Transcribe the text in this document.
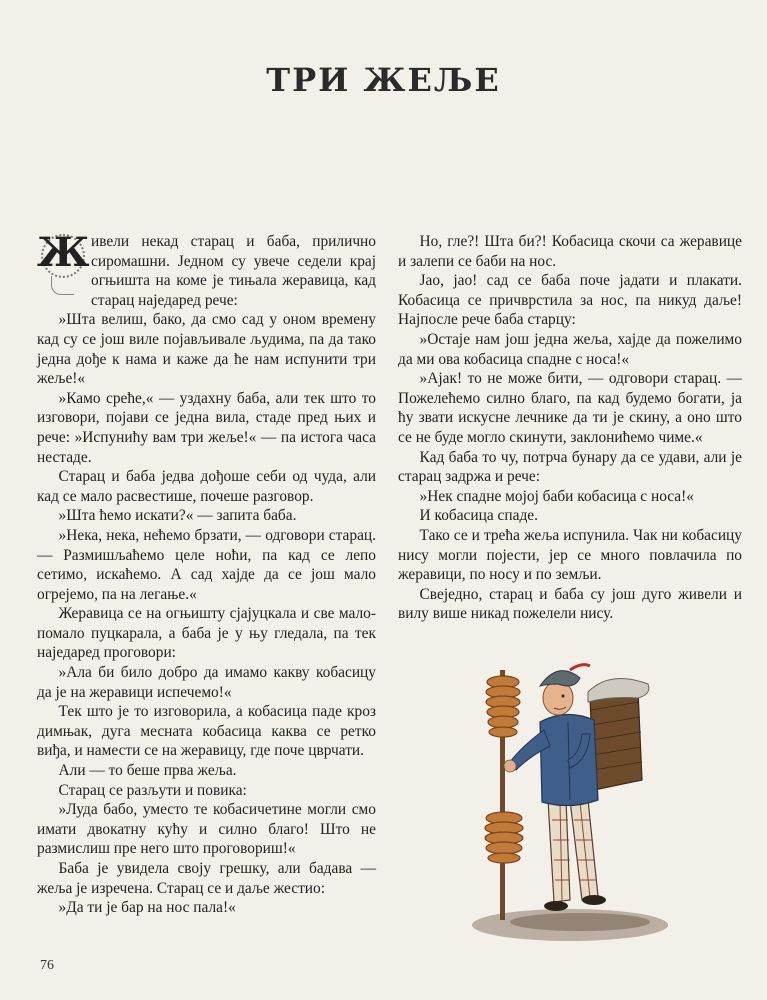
ТРИ ЖЕЉЕ

Ж ивели некад старац и баба, прилично сиромашни. Једном су увече седели крај огњишта на коме је тињала жеравица, кад старац наједаред рече:

»Шта велиш, бако, да смо сад у оном времену кад су се још виле појављивале људима, па да тако једна дође к нама и каже да ће нам испунити три жеље!«

»Камо среће,« — уздахну баба, али тек што то изговори, појави се једна вила, стаде пред њих и рече: »Испунићу вам три жеље!« — па истога часа нестаде.

Старац и баба једва дођоше себи од чуда, али кад се мало расвестише, почеше разговор.

»Шта ћемо искати?« — запита баба.

»Нека, нека, нећемо брзати, — одговори старац. — Размишљаћемо целе ноћи, па кад се лепо сетимо, искаћемо. А сад хајде да се још мало огрејемо, па на легање.«

Жеравица се на огњишту сјајуцкала и све мало-помало пуцкарала, а баба је у њу гледала, па тек наједаред проговори:

»Ала би било добро да имамо какву кобасицу да је на жеравици испечемо!«

Тек што је то изговорила, а кобасица паде кроз димњак, дуга месната кобасица каква се ретко виђа, и намести се на жеравицу, где поче цврчати.

Али — то беше прва жеља.

Старац се разљути и повика:

»Луда бабо, уместо те кобасичетине могли смо имати двокатну кућу и силно благо! Што не размислиш пре него што проговориш!«

Баба је увидела своју грешку, али бадава — жеља је изречена. Старац се и даље жестио:

»Да ти је бар на нос пала!«

Но, гле?! Шта би?! Кобасица скочи са жеравице и залепи се баби на нос.

Јао, јао! сад се баба поче јадати и плакати. Кобасица се причврстила за нос, па никуд даље! Најпосле рече баба старцу:

»Остаје нам још једна жеља, хајде да пожелимо да ми ова кобасица спадне с носа!«

»Ајак! то не може бити, — одговори старац. — Пожелећемо силно благо, па кад будемо богати, ја ћу звати искусне лечнике да ти је скину, а оно што се не буде могло скинути, заклонићемо чиме.«

Кад баба то чу, потрча бунару да се удави, али је старац задржа и рече:

»Нек спадне мојој баби кобасица с носа!«

И кобасица спаде.

Тако се и трећа жеља испунила. Чак ни кобасицу нису могли појести, јер се много повлачила по жеравици, по носу и по земљи.

Свеједно, старац и баба су још дуго живели и вилу више никад пожелели нису.

76
